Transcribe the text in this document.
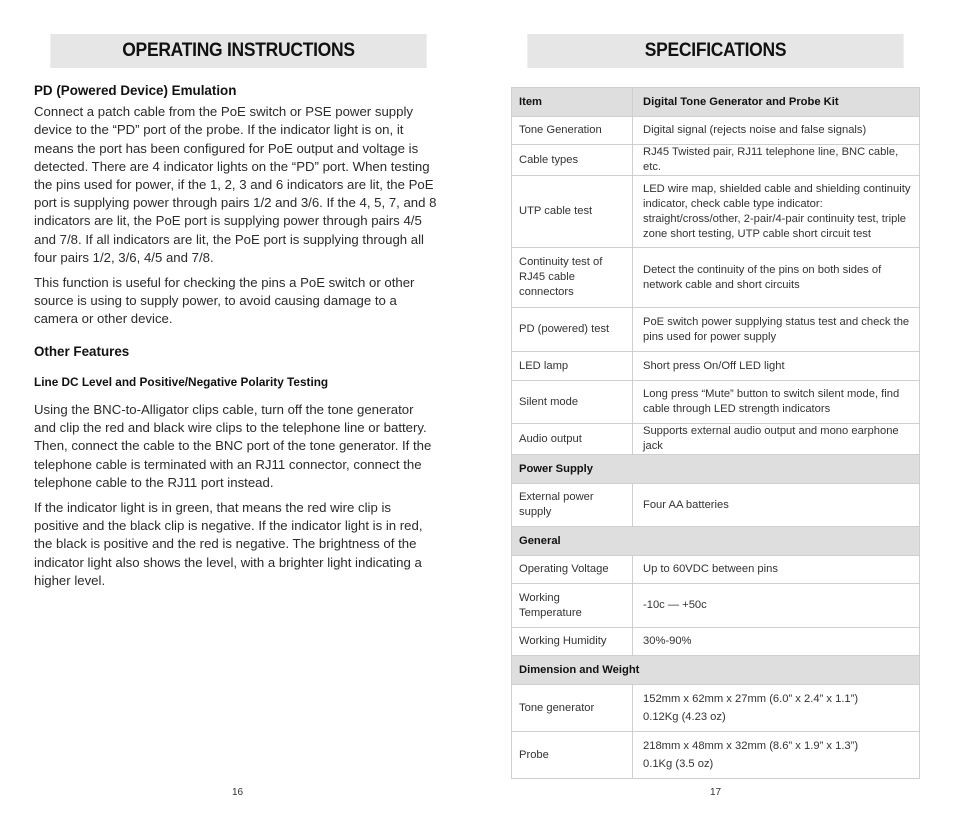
OPERATING INSTRUCTIONS
PD (Powered Device) Emulation

Connect a patch cable from the PoE switch or PSE power supply device to the “PD” port of the probe. If the indicator light is on, it means the port has been configured for PoE output and voltage is detected. There are 4 indicator lights on the “PD” port. When testing the pins used for power, if the 1, 2, 3 and 6 indicators are lit, the PoE port is supplying power through pairs 1/2 and 3/6. If the 4, 5, 7, and 8 indicators are lit, the PoE port is supplying power through pairs 4/5 and 7/8. If all indicators are lit, the PoE port is supplying through all four pairs 1/2, 3/6, 4/5 and 7/8.

This function is useful for checking the pins a PoE switch or other source is using to supply power, to avoid causing damage to a camera or other device.

Other Features
Line DC Level and Positive/Negative Polarity Testing

Using the BNC-to-Alligator clips cable, turn off the tone generator and clip the red and black wire clips to the telephone line or battery. Then, connect the cable to the BNC port of the tone generator. If the telephone cable is terminated with an RJ11 connector, connect the telephone cable to the RJ11 port instead.

If the indicator light is in green, that means the red wire clip is positive and the black clip is negative. If the indicator light is in red, the black is positive and the red is negative. The brightness of the indicator light also shows the level, with a brighter light indicating a higher level.

16
SPECIFICATIONS
17
Item	Digital Tone Generator and Probe Kit
Tone Generation	Digital signal (rejects noise and false signals)
Cable types	RJ45 Twisted pair, RJ11 telephone line, BNC cable, etc.
UTP cable test	LED wire map, shielded cable and shielding continuity indicator, check cable type indicator: straight/cross/other, 2-pair/4-pair continuity test, triple zone short testing, UTP cable short circuit test
Continuity test of RJ45 cable connectors	Detect the continuity of the pins on both sides of network cable and short circuits
PD (powered) test	PoE switch power supplying status test and check the pins used for power supply
LED lamp	Short press On/Off LED light
Silent mode	Long press “Mute” button to switch silent mode, find cable through LED strength indicators
Audio output	Supports external audio output and mono earphone jack
Power Supply	
External power supply	Four AA batteries
General	
Operating Voltage	Up to 60VDC between pins
Working Temperature	-10c — +50c
Working Humidity	30%-90%
Dimension and Weight	
Tone generator	152mm x 62mm x 27mm (6.0” x 2.4” x 1.1”)
0.12Kg (4.23 oz)

Probe	218mm x 48mm x 32mm (8.6” x 1.9” x 1.3”)
0.1Kg (3.5 oz)
